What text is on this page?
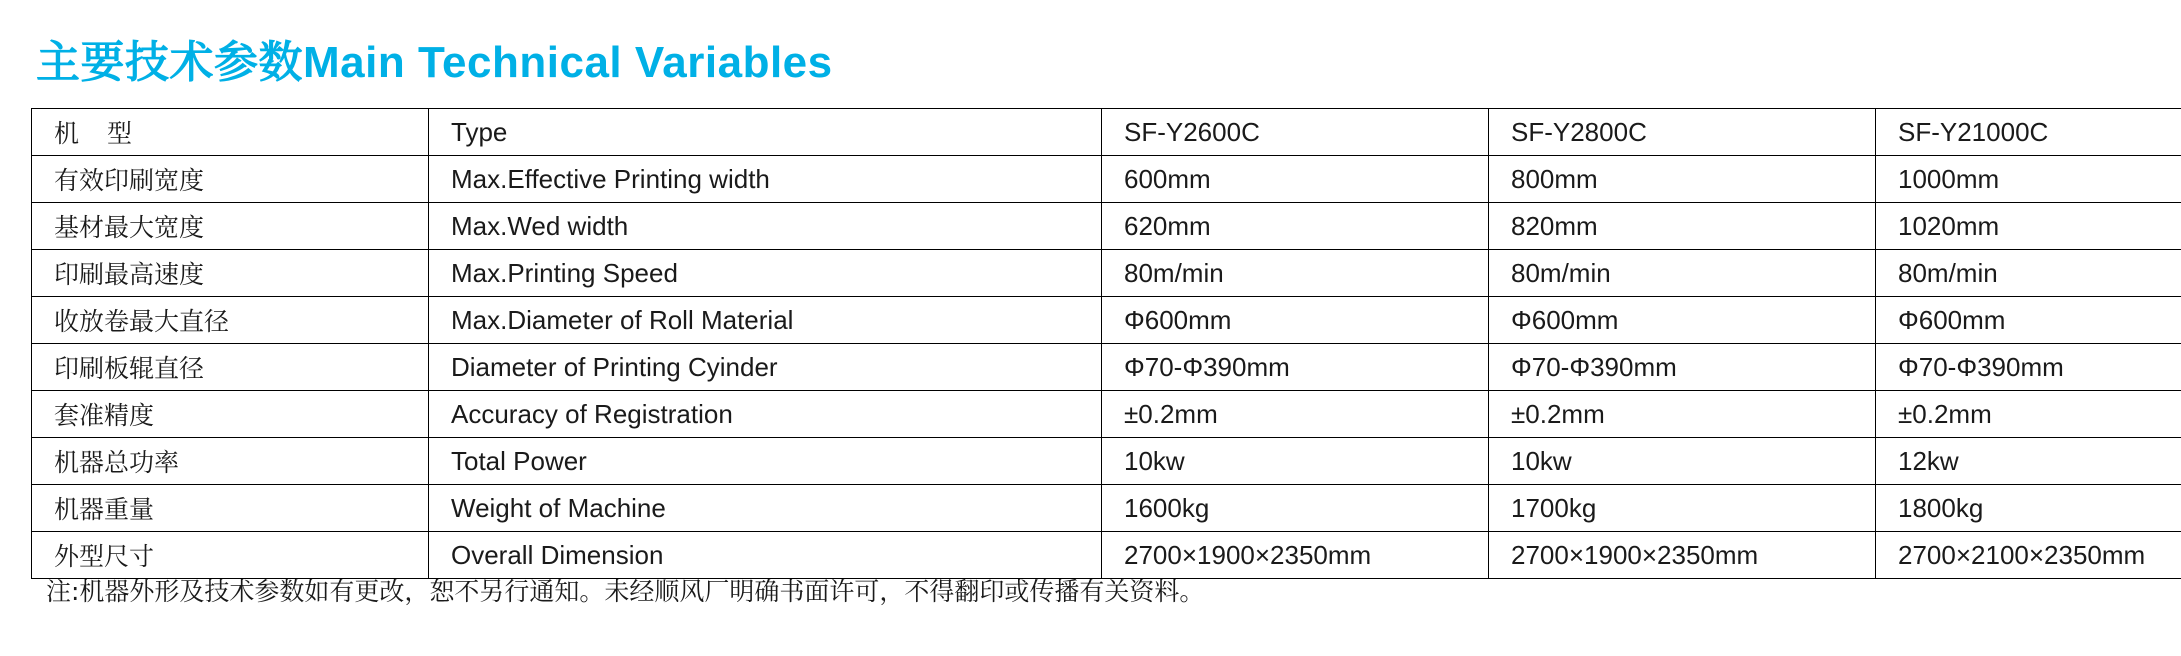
主要技术参数Main Technical Variables
机 型	Type	SF-Y2600C	SF-Y2800C	SF-Y21000C
有效印刷宽度	Max.Effective Printing width	600mm	800mm	1000mm
基材最大宽度	Max.Wed width	620mm	820mm	1020mm
印刷最高速度	Max.Printing Speed	80m/min	80m/min	80m/min
收放卷最大直径	Max.Diameter of Roll Material	Φ600mm	Φ600mm	Φ600mm
印刷板辊直径	Diameter of Printing Cyinder	Φ70-Φ390mm	Φ70-Φ390mm	Φ70-Φ390mm
套准精度	Accuracy of Registration	±0.2mm	±0.2mm	±0.2mm
机器总功率	Total Power	10kw	10kw	12kw
机器重量	Weight of Machine	1600kg	1700kg	1800kg
外型尺寸	Overall Dimension	2700×1900×2350mm	2700×1900×2350mm	2700×2100×2350mm
注:机器外形及技术参数如有更改，恕不另行通知。未经顺风厂明确书面许可，不得翻印或传播有关资料。
